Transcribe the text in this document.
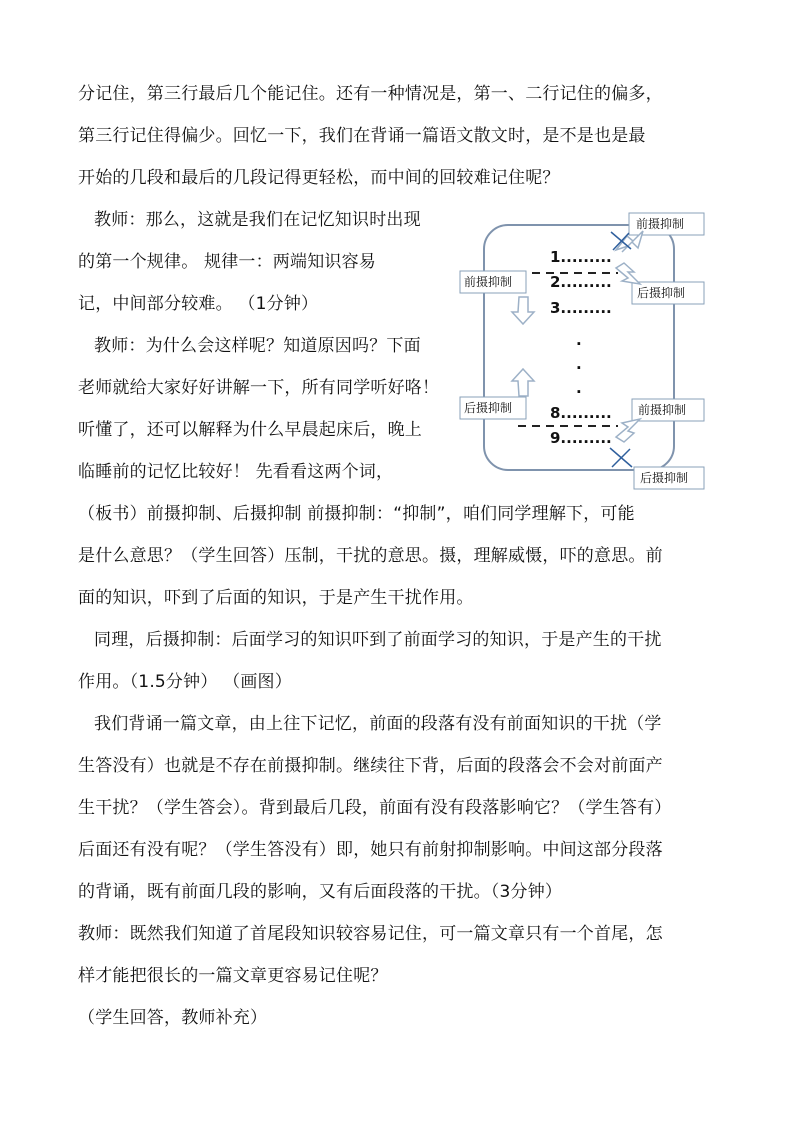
分记住，第三行最后几个能记住。还有一种情况是，第一、二行记住的偏多，
第三行记住得偏少。回忆一下，我们在背诵一篇语文散文时，是不是也是最
开始的几段和最后的几段记得更轻松，而中间的回较难记住呢？
教师：那么，这就是我们在记忆知识时出现
的第一个规律。 规律一：两端知识容易
记，中间部分较难。 （1分钟）
教师：为什么会这样呢？知道原因吗？下面
老师就给大家好好讲解一下，所有同学听好咯！
听懂了，还可以解释为什么早晨起床后，晚上
临睡前的记忆比较好！ 先看看这两个词，
（板书）前摄抑制、后摄抑制 前摄抑制：“抑制”，咱们同学理解下，可能
是什么意思？（学生回答）压制，干扰的意思。摄，理解威慑，吓的意思。前
面的知识，吓到了后面的知识，于是产生干扰作用。
同理，后摄抑制：后面学习的知识吓到了前面学习的知识，于是产生的干扰
作用。（1.5分钟） （画图）
我们背诵一篇文章，由上往下记忆，前面的段落有没有前面知识的干扰（学
生答没有）也就是不存在前摄抑制。继续往下背，后面的段落会不会对前面产
生干扰？（学生答会）。背到最后几段，前面有没有段落影响它？（学生答有）
后面还有没有呢？（学生答没有）即，她只有前射抑制影响。中间这部分段落
的背诵，既有前面几段的影响，又有后面段落的干扰。（3分钟）
教师：既然我们知道了首尾段知识较容易记住，可一篇文章只有一个首尾，怎
样才能把很长的一篇文章更容易记住呢？
（学生回答，教师补充）
1.........
2.........
3.........
.
.
.
8.........
9.........
前摄抑制
前摄抑制
后摄抑制
后摄抑制	前摄抑制
后摄抑制
